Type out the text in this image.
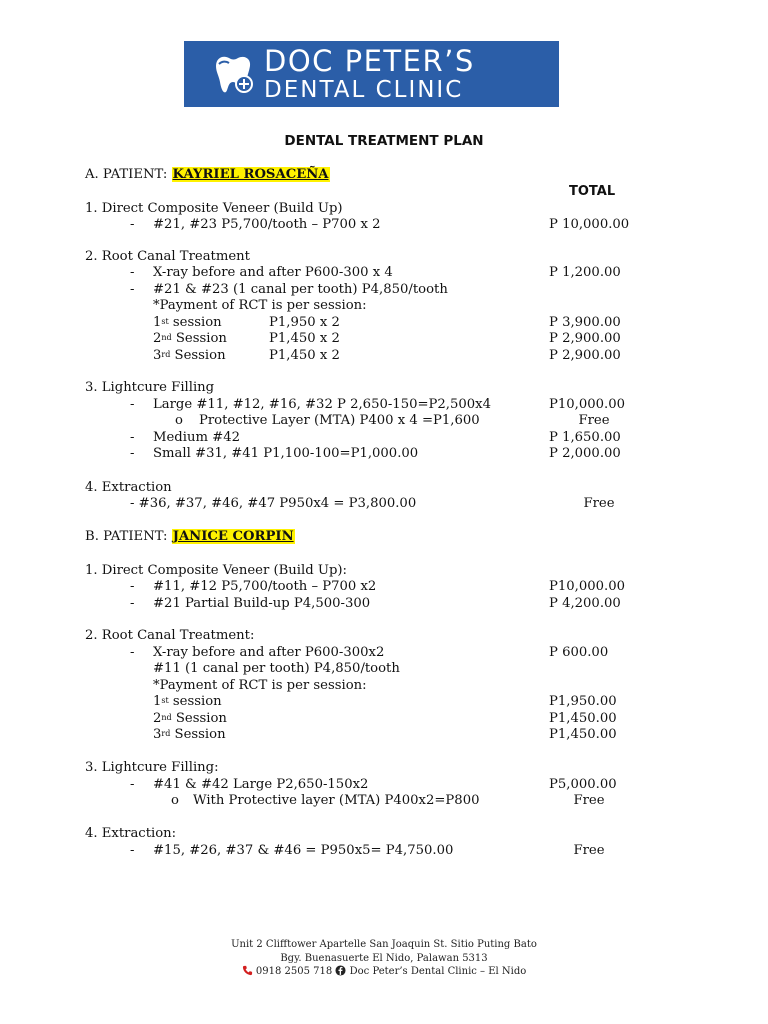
DOC PETER’S
DENTAL CLINIC
DENTAL TREATMENT PLAN
A. PATIENT: KAYRIEL ROSACEÑA
TOTAL
1. Direct Composite Veneer (Build Up)
- #21, #23 P5,700/tooth – P700 x 2	P 10,000.00
2. Root Canal Treatment
- X-ray before and after P600-300 x 4	P 1,200.00
- #21 & #23 (1 canal per tooth) P4,850/tooth
*Payment of RCT is per session:
1st session	P1,950 x 2	P 3,900.00
2nd Session	P1,450 x 2	P 2,900.00
3rd Session	P1,450 x 2	P 2,900.00
3. Lightcure Filling
- Large #11, #12, #16, #32 P 2,650-150=P2,500x4	P10,000.00
o Protective Layer (MTA) P400 x 4 =P1,600	Free
- Medium #42	P 1,650.00
- Small #31, #41 P1,100-100=P1,000.00	P 2,000.00
4. Extraction
- #36, #37, #46, #47 P950x4 = P3,800.00	Free
B. PATIENT: JANICE CORPIN
1. Direct Composite Veneer (Build Up):
- #11, #12 P5,700/tooth – P700 x2	P10,000.00
- #21 Partial Build-up P4,500-300	P 4,200.00
2. Root Canal Treatment:
- X-ray before and after P600-300x2	P 600.00
#11 (1 canal per tooth) P4,850/tooth
*Payment of RCT is per session:
1st session	P1,950.00
2nd Session	P1,450.00
3rd Session	P1,450.00
3. Lightcure Filling:
- #41 & #42 Large P2,650-150x2	P5,000.00
o With Protective layer (MTA) P400x2=P800	Free
4. Extraction:
- #15, #26, #37 & #46 = P950x5= P4,750.00	Free
Unit 2 Clifftower Apartelle San Joaquin St. Sitio Puting Bato
Bgy. Buenasuerte El Nido, Palawan 5313
0918 2505 718 Doc Peter’s Dental Clinic – El Nido
